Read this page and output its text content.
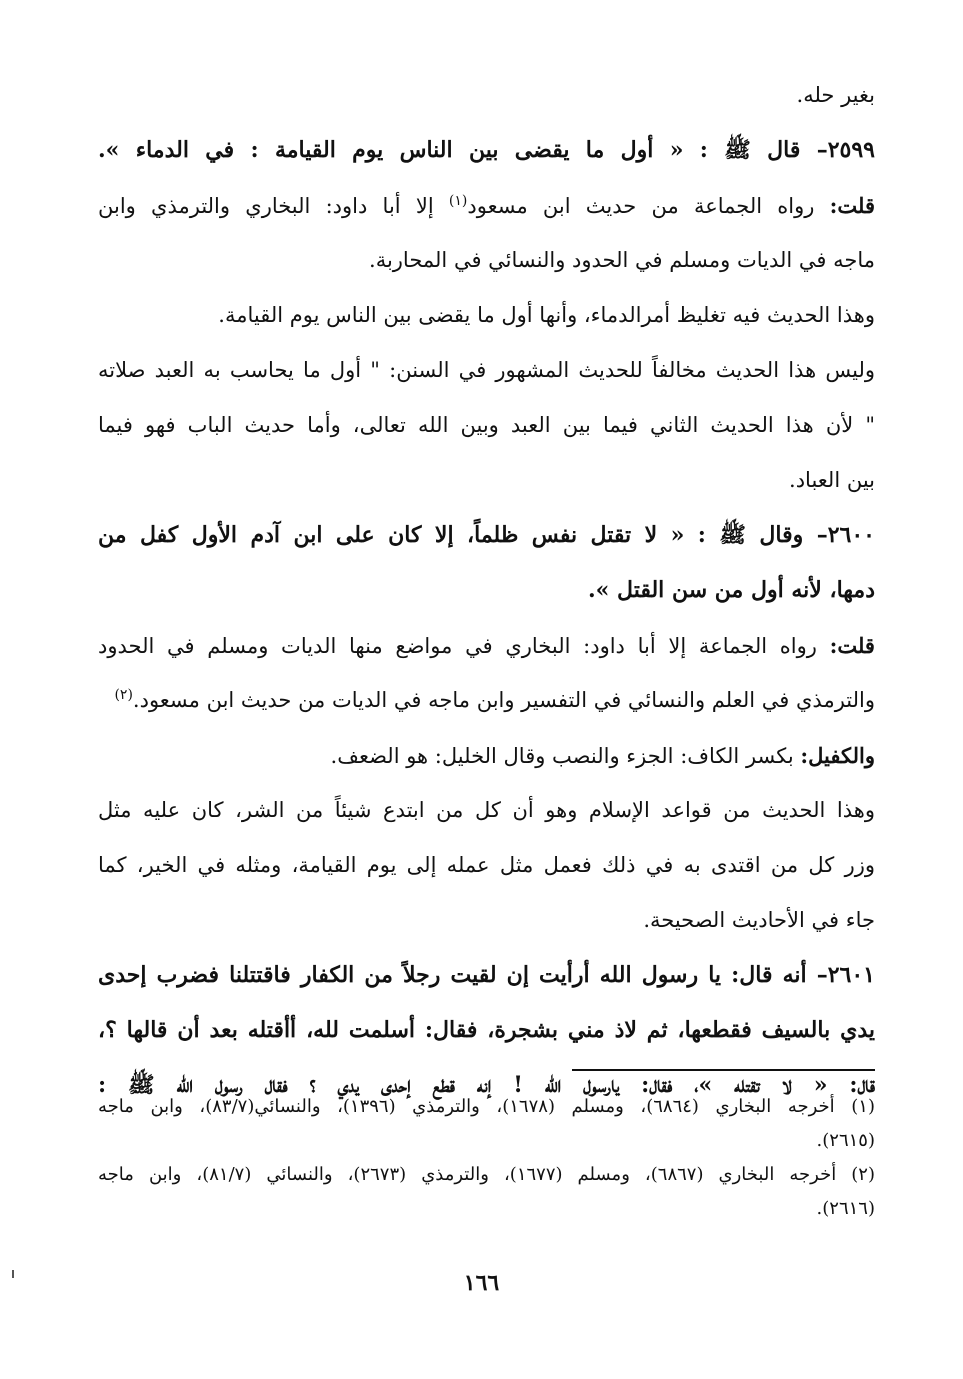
بغير حله.
٢٥٩٩– قال ﷺ : « أول ما يقضى بين الناس يوم القيامة : في الدماء ».
قلت: رواه الجماعة من حديث ابن مسعود$^{(١)}$ إلا أبا داود: البخاري والترمذي وابن
ماجه في الديات ومسلم في الحدود والنسائي في المحاربة.
وهذا الحديث فيه تغليظ أمرالدماء، وأنها أول ما يقضى بين الناس يوم القيامة.
وليس هذا الحديث مخالفاً للحديث المشهور في السنن: " أول ما يحاسب به العبد صلاته
" لأن هذا الحديث الثاني فيما بين العبد وبين الله تعالى، وأما حديث الباب فهو فيما
بين العباد.
٢٦٠٠– وقال ﷺ : « لا تقتل نفس ظلماً، إلا كان على ابن آدم الأول كفل من
دمها، لأنه أول من سن القتل ».
قلت: رواه الجماعة إلا أبا داود: البخاري في مواضع منها الديات ومسلم في الحدود
والترمذي في العلم والنسائي في التفسير وابن ماجه في الديات من حديث ابن مسعود.$^{(٢)}$
والكفيل: بكسر الكاف: الجزء والنصب وقال الخليل: هو الضعف.
وهذا الحديث من قواعد الإسلام وهو أن كل من ابتدع شيئاً من الشر، كان عليه مثل
وزر كل من اقتدى به في ذلك فعمل مثل عمله إلى يوم القيامة، ومثله في الخير، كما
جاء في الأحاديث الصحيحة.
٢٦٠١– أنه قال: يا رسول الله أرأيت إن لقيت رجلاً من الكفار فاقتتلنا فضرب إحدى
يدي بالسيف فقطعها، ثم لاذ مني بشجرة، فقال: أسلمت لله، أأقتله بعد أن قالها ؟،
قال: « لا تقتله »، فقال: يارسول الله ! إنه قطع إحدى يدي ؟ فقال رسول الله ﷺ :
(١) أخرجه البخاري (٦٨٦٤)، ومسلم (١٦٧٨)، والترمذي (١٣٩٦)، والنسائي(٨٣/٧)، وابن ماجه
(٢٦١٥).
(٢) أخرجه البخاري (٦٨٦٧)، ومسلم (١٦٧٧)، والترمذي (٢٦٧٣)، والنسائي (٨١/٧)، وابن ماجه
(٢٦١٦).
١٦٦
